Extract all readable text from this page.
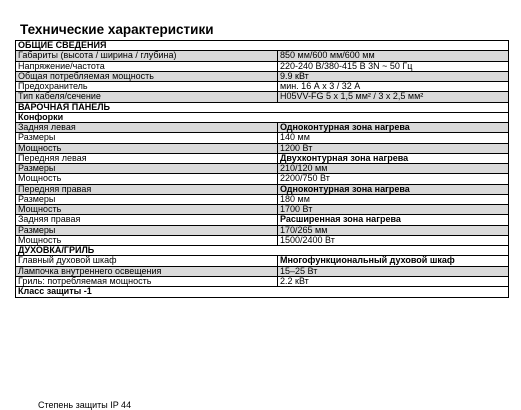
Технические характеристики
ОБЩИЕ СВЕДЕНИЯ
Габариты (высота / ширина / глубина)	850 мм/600 мм/600 мм
Напряжение/частота	220-240 В/380-415 В 3N ~ 50 Гц
Общая потребляемая мощность	9.9 кВт
Предохранитель	мин. 16 А x 3 / 32 А
Тип кабеля/сечение	H05VV-FG 5 x 1,5 мм² / 3 x 2,5 мм²
ВАРОЧНАЯ ПАНЕЛЬ
Конфорки
Задняя левая	Одноконтурная зона нагрева
Размеры	140 мм
Мощность	1200 Вт
Передняя левая	Двухконтурная зона нагрева
Размеры	210/120 мм
Мощность	2200/750 Вт
Передняя правая	Одноконтурная зона нагрева
Размеры	180 мм
Мощность	1700 Вт
Задняя правая	Расширенная зона нагрева
Размеры	170/265 мм
Мощность	1500/2400 Вт
ДУХОВКА/ГРИЛЬ
Главный духовой шкаф	Многофункциональный духовой шкаф
Лампочка внутреннего освещения	15–25 Вт
Гриль: потребляемая мощность	2.2 кВт
Класс защиты -1
Степень защиты IP 44
